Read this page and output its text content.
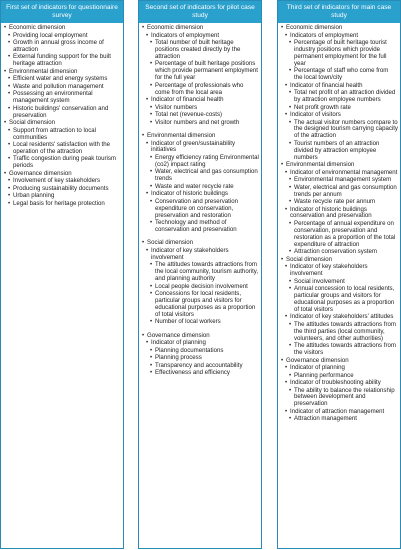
First set of indicators for questionnaire survey
• Economic dimension
• Providing local employment
• Growth in annual gross income of attraction
• External funding support for the built heritage attraction
• Environmental dimension
• Efficient water and energy systems
• Waste and pollution management
• Possessing an environmental management system
• Historic buildings' conservation and preservation
• Social dimension
• Support from attraction to local communities
• Local residents' satisfaction with the operation of the attraction
• Traffic congestion during peak tourism periods
• Governance dimension
• Involvement of key stakeholders
• Producing sustainability documents
• Urban planning
• Legal basis for heritage protection
Second set of indicators for pilot case study
• Economic dimension
• Indicators of employment
• Total number of built heritage positions created directly by the attraction
• Percentage of built heritage positions which provide permanent employment for the full year
• Percentage of professionals who come from the local area
• Indicator of financial health
• Visitor numbers
• Total net (revenue-costs)
• Visitor numbers and net growth
• Environmental dimension
• Indicator of green/sustainability initiatives
• Energy efficiency rating Environmental (co2) impact rating
• Water, electrical and gas consumption trends
• Waste and water recycle rate
• Indicator of historic buildings
• Conservation and preservation expenditure on conservation, preservation and restoration
• Technology and method of conservation and preservation
• Social dimension
• Indicator of key stakeholders involvement
• The attitudes towards attractions from the local community, tourism authority, and planning authority
• Local people decision involvement
• Concessions for local residents, particular groups and visitors for educational purposes as a proportion of total visitors
• Number of local workers
• Governance dimension
• Indicator of planning
• Planning documentations
• Planning process
• Transparency and accountability
• Effectiveness and efficiency
Third set of indicators for main case study
• Economic dimension
• Indicators of employment
• Percentage of built heritage tourist industry positions which provide permanent employment for the full year
• Percentage of staff who come from the local town/city
• Indicator of financial health
• Total net profit of an attraction divided by attraction employee numbers
• Net profit growth rate
• Indicator of visitors
• The actual visitor numbers compare to the designed tourism carrying capacity of the attraction
• Tourist numbers of an attraction divided by attraction employee numbers
• Environmental dimension
• Indicator of environmental management
• Environmental management system
• Water, electrical and gas consumption trends per annum
• Waste recycle rate per annum
• Indicator of historic buildings conservation and preservation
• Percentage of annual expenditure on conservation, preservation and restoration as a proportion of the total expenditure of attraction
• Attraction conservation system
• Social dimension
• Indicator of key stakeholders involvement
• Social involvement
• Annual concession to local residents, particular groups and visitors for educational purposes as a proportion of total visitors
• Indicator of key stakeholders' attitudes
• The attitudes towards attractions from the third parties (local community, volunteers, and other authorities)
• The attitudes towards attractions from the visitors
• Governance dimension
• Indicator of planning
• Planning performance
• Indicator of troubleshooting ability
• The ability to balance the relationship between development and preservation
• Indicator of attraction management
• Attraction management
